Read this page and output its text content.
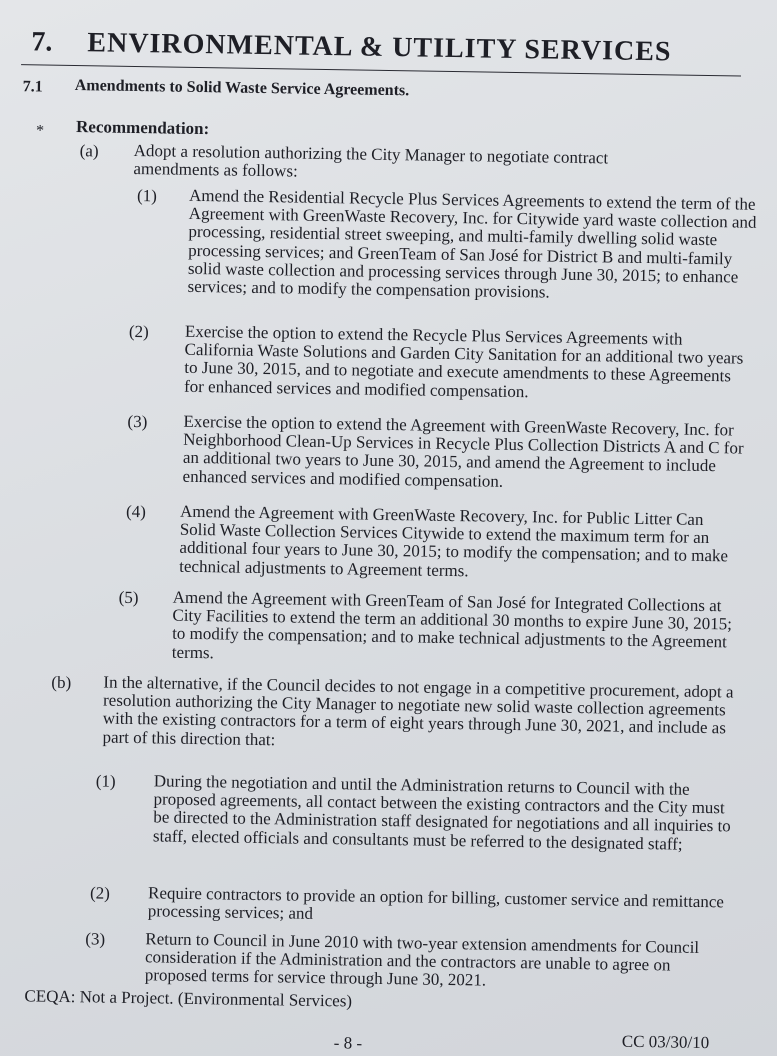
7. ENVIRONMENTAL & UTILITY SERVICES
7.1 Amendments to Solid Waste Service Agreements.
* Recommendation:
(a) Adopt a resolution authorizing the City Manager to negotiate contract amendments as follows:
(1) Amend the Residential Recycle Plus Services Agreements to extend the term of the Agreement with GreenWaste Recovery, Inc. for Citywide yard waste collection and processing, residential street sweeping, and multi-family dwelling solid waste processing services; and GreenTeam of San José for District B and multi-family solid waste collection and processing services through June 30, 2015; to enhance services; and to modify the compensation provisions.
(2) Exercise the option to extend the Recycle Plus Services Agreements with California Waste Solutions and Garden City Sanitation for an additional two years to June 30, 2015, and to negotiate and execute amendments to these Agreements for enhanced services and modified compensation.
(3) Exercise the option to extend the Agreement with GreenWaste Recovery, Inc. for Neighborhood Clean-Up Services in Recycle Plus Collection Districts A and C for an additional two years to June 30, 2015, and amend the Agreement to include enhanced services and modified compensation.
(4) Amend the Agreement with GreenWaste Recovery, Inc. for Public Litter Can Solid Waste Collection Services Citywide to extend the maximum term for an additional four years to June 30, 2015; to modify the compensation; and to make technical adjustments to Agreement terms.
(5) Amend the Agreement with GreenTeam of San José for Integrated Collections at City Facilities to extend the term an additional 30 months to expire June 30, 2015; to modify the compensation; and to make technical adjustments to the Agreement terms.
(b) In the alternative, if the Council decides to not engage in a competitive procurement, adopt a resolution authorizing the City Manager to negotiate new solid waste collection agreements with the existing contractors for a term of eight years through June 30, 2021, and include as part of this direction that:
(1) During the negotiation and until the Administration returns to Council with the proposed agreements, all contact between the existing contractors and the City must be directed to the Administration staff designated for negotiations and all inquiries to staff, elected officials and consultants must be referred to the designated staff;
(2) Require contractors to provide an option for billing, customer service and remittance processing services; and
(3) Return to Council in June 2010 with two-year extension amendments for Council consideration if the Administration and the contractors are unable to agree on proposed terms for service through June 30, 2021.
CEQA: Not a Project. (Environmental Services)
- 8 -	CC 03/30/10
